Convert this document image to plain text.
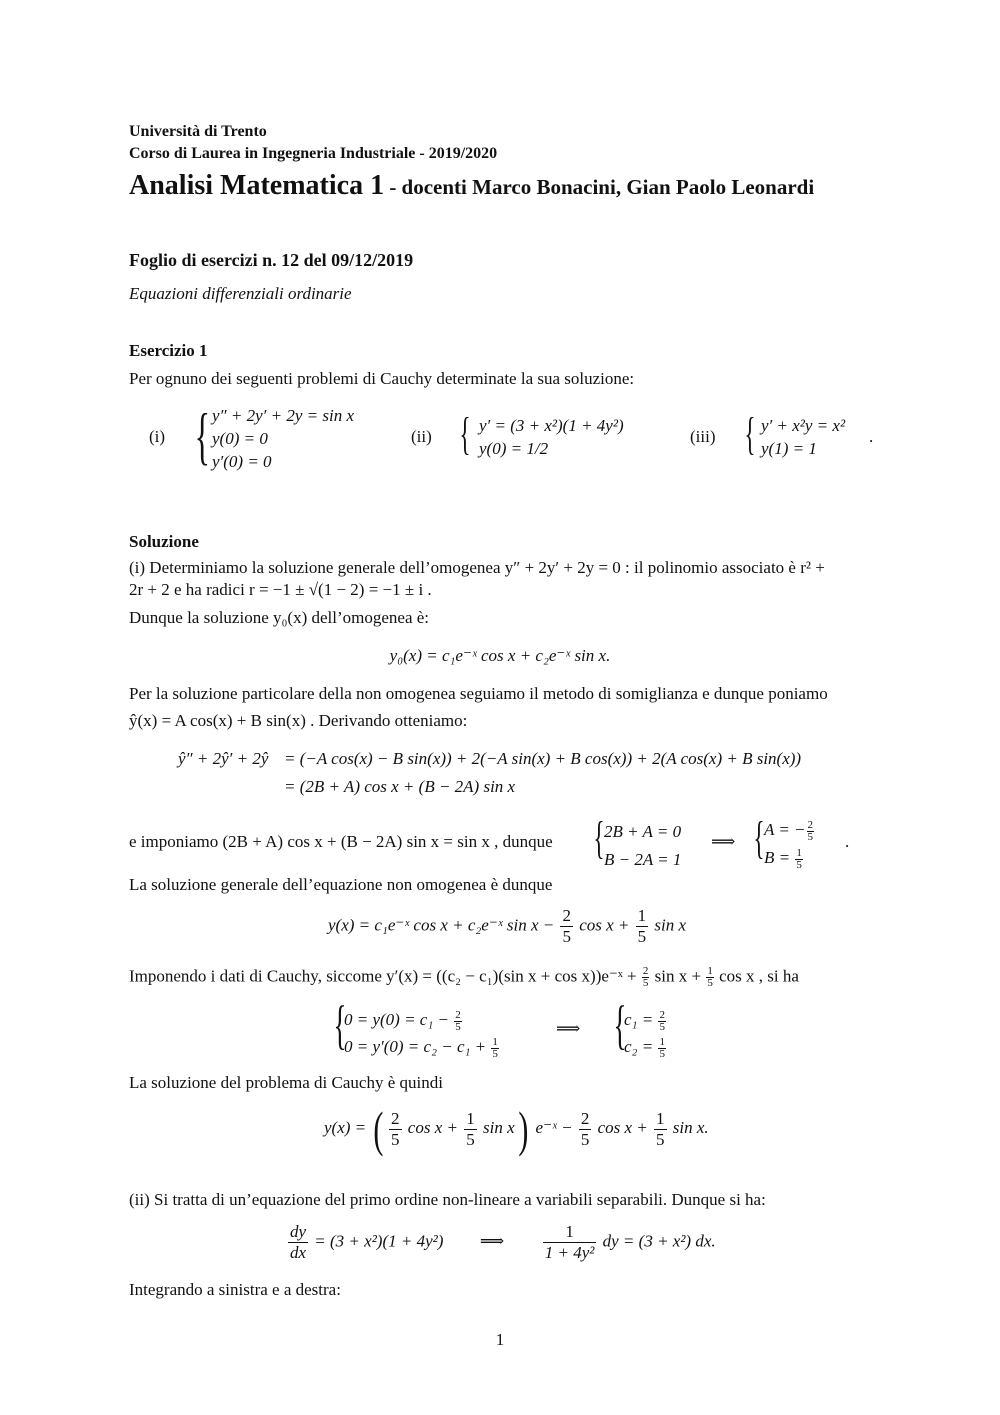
Università di Trento
Corso di Laurea in Ingegneria Industriale - 2019/2020
Analisi Matematica 1 - docenti Marco Bonacini, Gian Paolo Leonardi
Foglio di esercizi n. 12 del 09/12/2019
Equazioni differenziali ordinarie
Esercizio 1
Per ognuno dei seguenti problemi di Cauchy determinate la sua soluzione:
(i) { y″ + 2y′ + 2y = sin x
y(0) = 0
y′(0) = 0
(ii) { y′ = (3 + x²)(1 + 4y²)
y(0) = 1/2
(iii) { y′ + x²y = x²
y(1) = 1
.
Soluzione
(i) Determiniamo la soluzione generale dell’omogenea y″ + 2y′ + 2y = 0 : il polinomio associato è r² +
2r + 2 e ha radici r = −1 ± √(1 − 2) = −1 ± i .
Dunque la soluzione y₀(x) dell’omogenea è:
y₀(x) = c₁e⁻ˣ cos x + c₂e⁻ˣ sin x.
Per la soluzione particolare della non omogenea seguiamo il metodo di somiglianza e dunque poniamo
ŷ(x) = A cos(x) + B sin(x) . Derivando otteniamo:
ŷ″ + 2ŷ′ + 2ŷ = (−A cos(x) − B sin(x)) + 2(−A sin(x) + B cos(x)) + 2(A cos(x) + B sin(x))
= (2B + A) cos x + (B − 2A) sin x
e imponiamo (2B + A) cos x + (B − 2A) sin x = sin x , dunque { 2B + A = 0
B − 2A = 1
⟹ { A = − $\frac{2}{5}$
$B = \frac{1}{5}$
.
La soluzione generale dell’equazione non omogenea è dunque
y(x) = c₁e⁻ˣ cos x + c₂e⁻ˣ $\sin x - \frac{2}{5}$ $\cos x + \frac{1}{5}$ sin x
Imponendo i dati di Cauchy, siccome y′(x) = ((c₂ − c₁)(sin x + cos x))e⁻ˣ + $\frac{2}{5}$ $\sin x + \frac{1}{5}$ cos x , si ha
{
$0 = y(0) = c_1 - \frac{2}{5}$
$0 = y'(0) = c_2 - c_1 + \frac{1}{5}$
⟹ {
$c_1 = \frac{2}{5}$
$c_2 = \frac{1}{5}$
La soluzione del problema di Cauchy è quindi
y(x) = ( $\frac{2}{5}$ $\cos x + \frac{1}{5}$ sin x) e⁻ˣ − $\frac{2}{5}$ $\cos x + \frac{1}{5}$ sin x.
(ii) Si tratta di un’equazione del primo ordine non-lineare a variabili separabili. Dunque si ha:
$\frac{dy}{dx} = (3 + x^2)(1 + 4y^2)$ ⟹ $\frac{1}{\text{1 + 4y²}}$ dy = (3 + x²) dx.
Integrando a sinistra e a destra:
1
